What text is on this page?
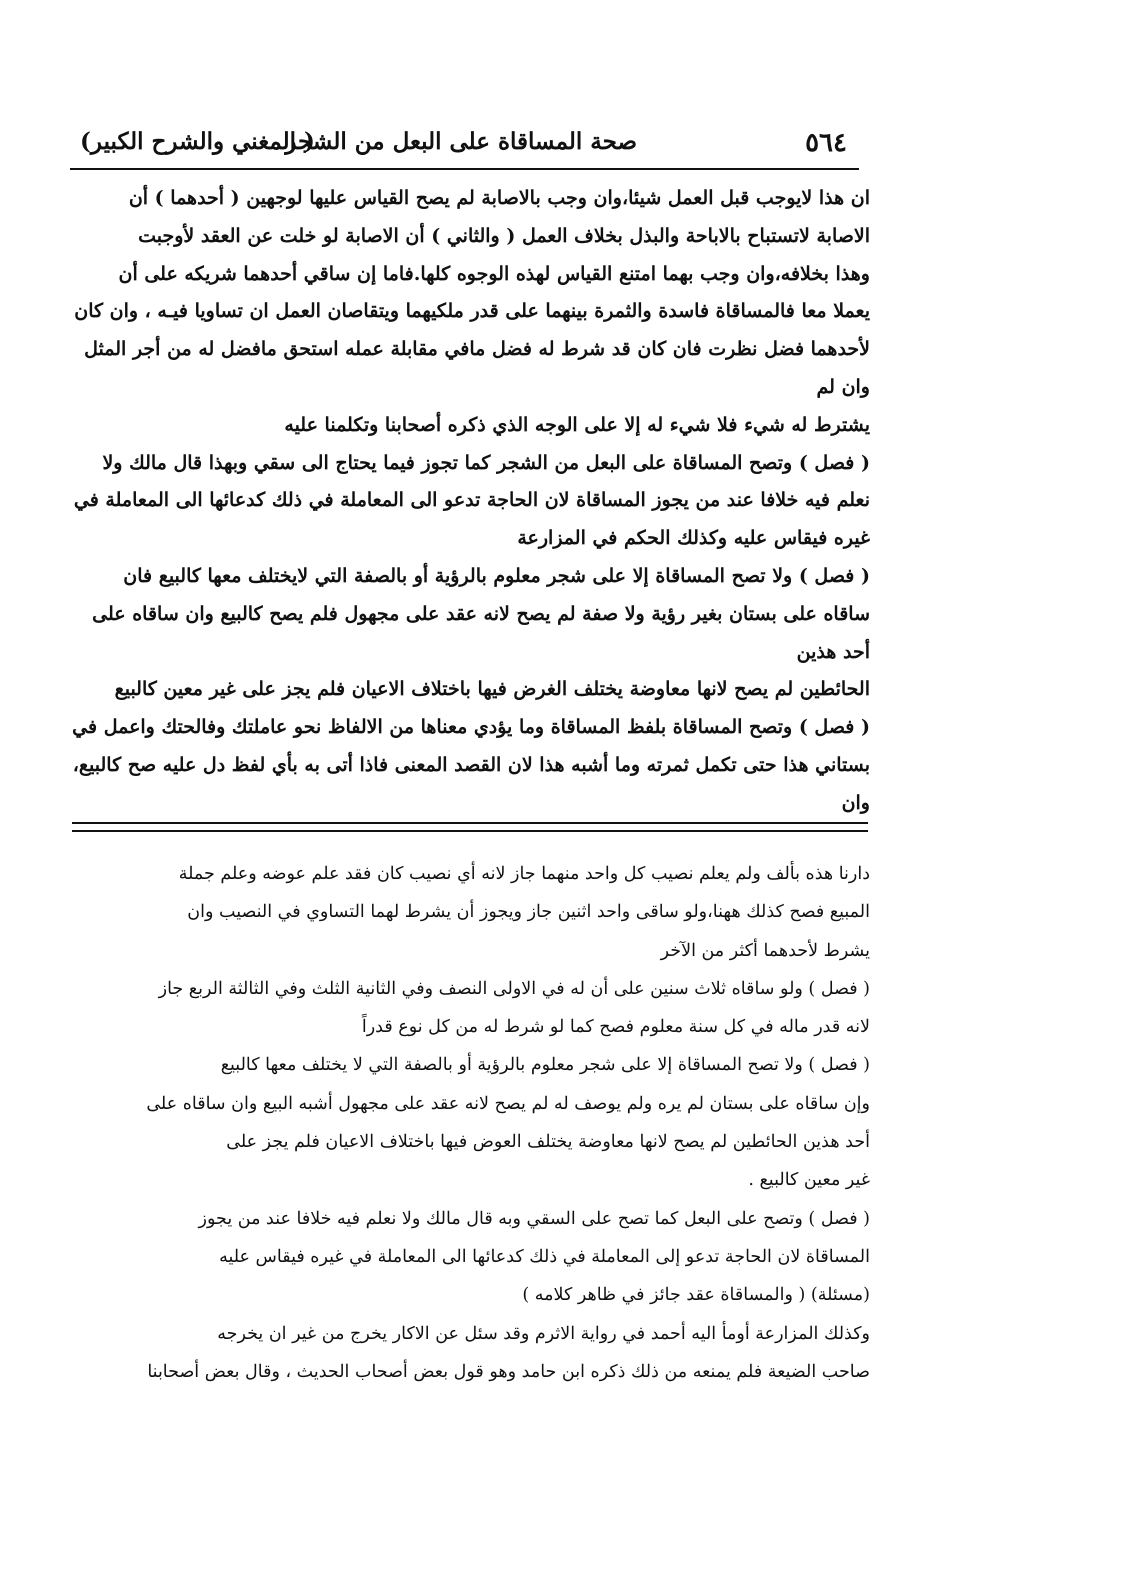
٥٦٤
صحة المساقاة على البعل من الشجر
( المغني والشرح الكبير)

ان هذا لايوجب قبل العمل شيئا،وان وجب بالاصابة لم يصح القياس عليها لوجهين ( أحدهما ) أن

الاصابة لاتستباح بالاباحة والبذل بخلاف العمل ( والثاني ) أن الاصابة لو خلت عن العقد لأوجبت

وهذا بخلافه،وان وجب بهما امتنع القياس لهذه الوجوه كلها.فاما إن ساقي أحدهما شريكه على أن

يعملا معا فالمساقاة فاسدة والثمرة بينهما على قدر ملكيهما ويتقاصان العمل ان تساويا فيـه ، وان كان

لأحدهما فضل نظرت فان كان قد شرط له فضل مافي مقابلة عمله استحق مافضل له من أجر المثل وان لم

يشترط له شيء فلا شيء له إلا على الوجه الذي ذكره أصحابنا وتكلمنا عليه

( فصل ) وتصح المساقاة على البعل من الشجر كما تجوز فيما يحتاج الى سقي وبهذا قال مالك ولا

نعلم فيه خلافا عند من يجوز المساقاة لان الحاجة تدعو الى المعاملة في ذلك كدعائها الى المعاملة في

غيره فيقاس عليه وكذلك الحكم في المزارعة

( فصل ) ولا تصح المساقاة إلا على شجر معلوم بالرؤية أو بالصفة التي لايختلف معها كالبيع فان

ساقاه على بستان بغير رؤية ولا صفة لم يصح لانه عقد على مجهول فلم يصح كالبيع وان ساقاه على أحد هذين

الحائطين لم يصح لانها معاوضة يختلف الغرض فيها باختلاف الاعيان فلم يجز على غير معين كالبيع

( فصل ) وتصح المساقاة بلفظ المساقاة وما يؤدي معناها من الالفاظ نحو عاملتك وفالحتك واعمل في

بستاني هذا حتى تكمل ثمرته وما أشبه هذا لان القصد المعنى فاذا أتى به بأي لفظ دل عليه صح كالبيع، وان

دارنا هذه بألف ولم يعلم نصيب كل واحد منهما جاز لانه أي نصيب كان فقد علم عوضه وعلم جملة

المبيع فصح كذلك ههنا،ولو ساقى واحد اثنين جاز ويجوز أن يشرط لهما التساوي في النصيب وان

يشرط لأحدهما أكثر من الآخر

( فصل ) ولو ساقاه ثلاث سنين على أن له في الاولى النصف وفي الثانية الثلث وفي الثالثة الربع جاز

لانه قدر ماله في كل سنة معلوم فصح كما لو شرط له من كل نوع قدراً

( فصل ) ولا تصح المساقاة إلا على شجر معلوم بالرؤية أو بالصفة التي لا يختلف معها كالبيع

وإن ساقاه على بستان لم يره ولم يوصف له لم يصح لانه عقد على مجهول أشبه البيع وان ساقاه على

أحد هذين الحائطين لم يصح لانها معاوضة يختلف العوض فيها باختلاف الاعيان فلم يجز على

غير معين كالبيع .

( فصل ) وتصح على البعل كما تصح على السقي وبه قال مالك ولا نعلم فيه خلافا عند من يجوز

المساقاة لان الحاجة تدعو إلى المعاملة في ذلك كدعائها الى المعاملة في غيره فيقاس عليه

(مسئلة) ( والمساقاة عقد جائز في ظاهر كلامه )

وكذلك المزارعة أومأ اليه أحمد في رواية الاثرم وقد سئل عن الاكار يخرج من غير ان يخرجه

صاحب الضيعة فلم يمنعه من ذلك ذكره ابن حامد وهو قول بعض أصحاب الحديث ، وقال بعض أصحابنا
